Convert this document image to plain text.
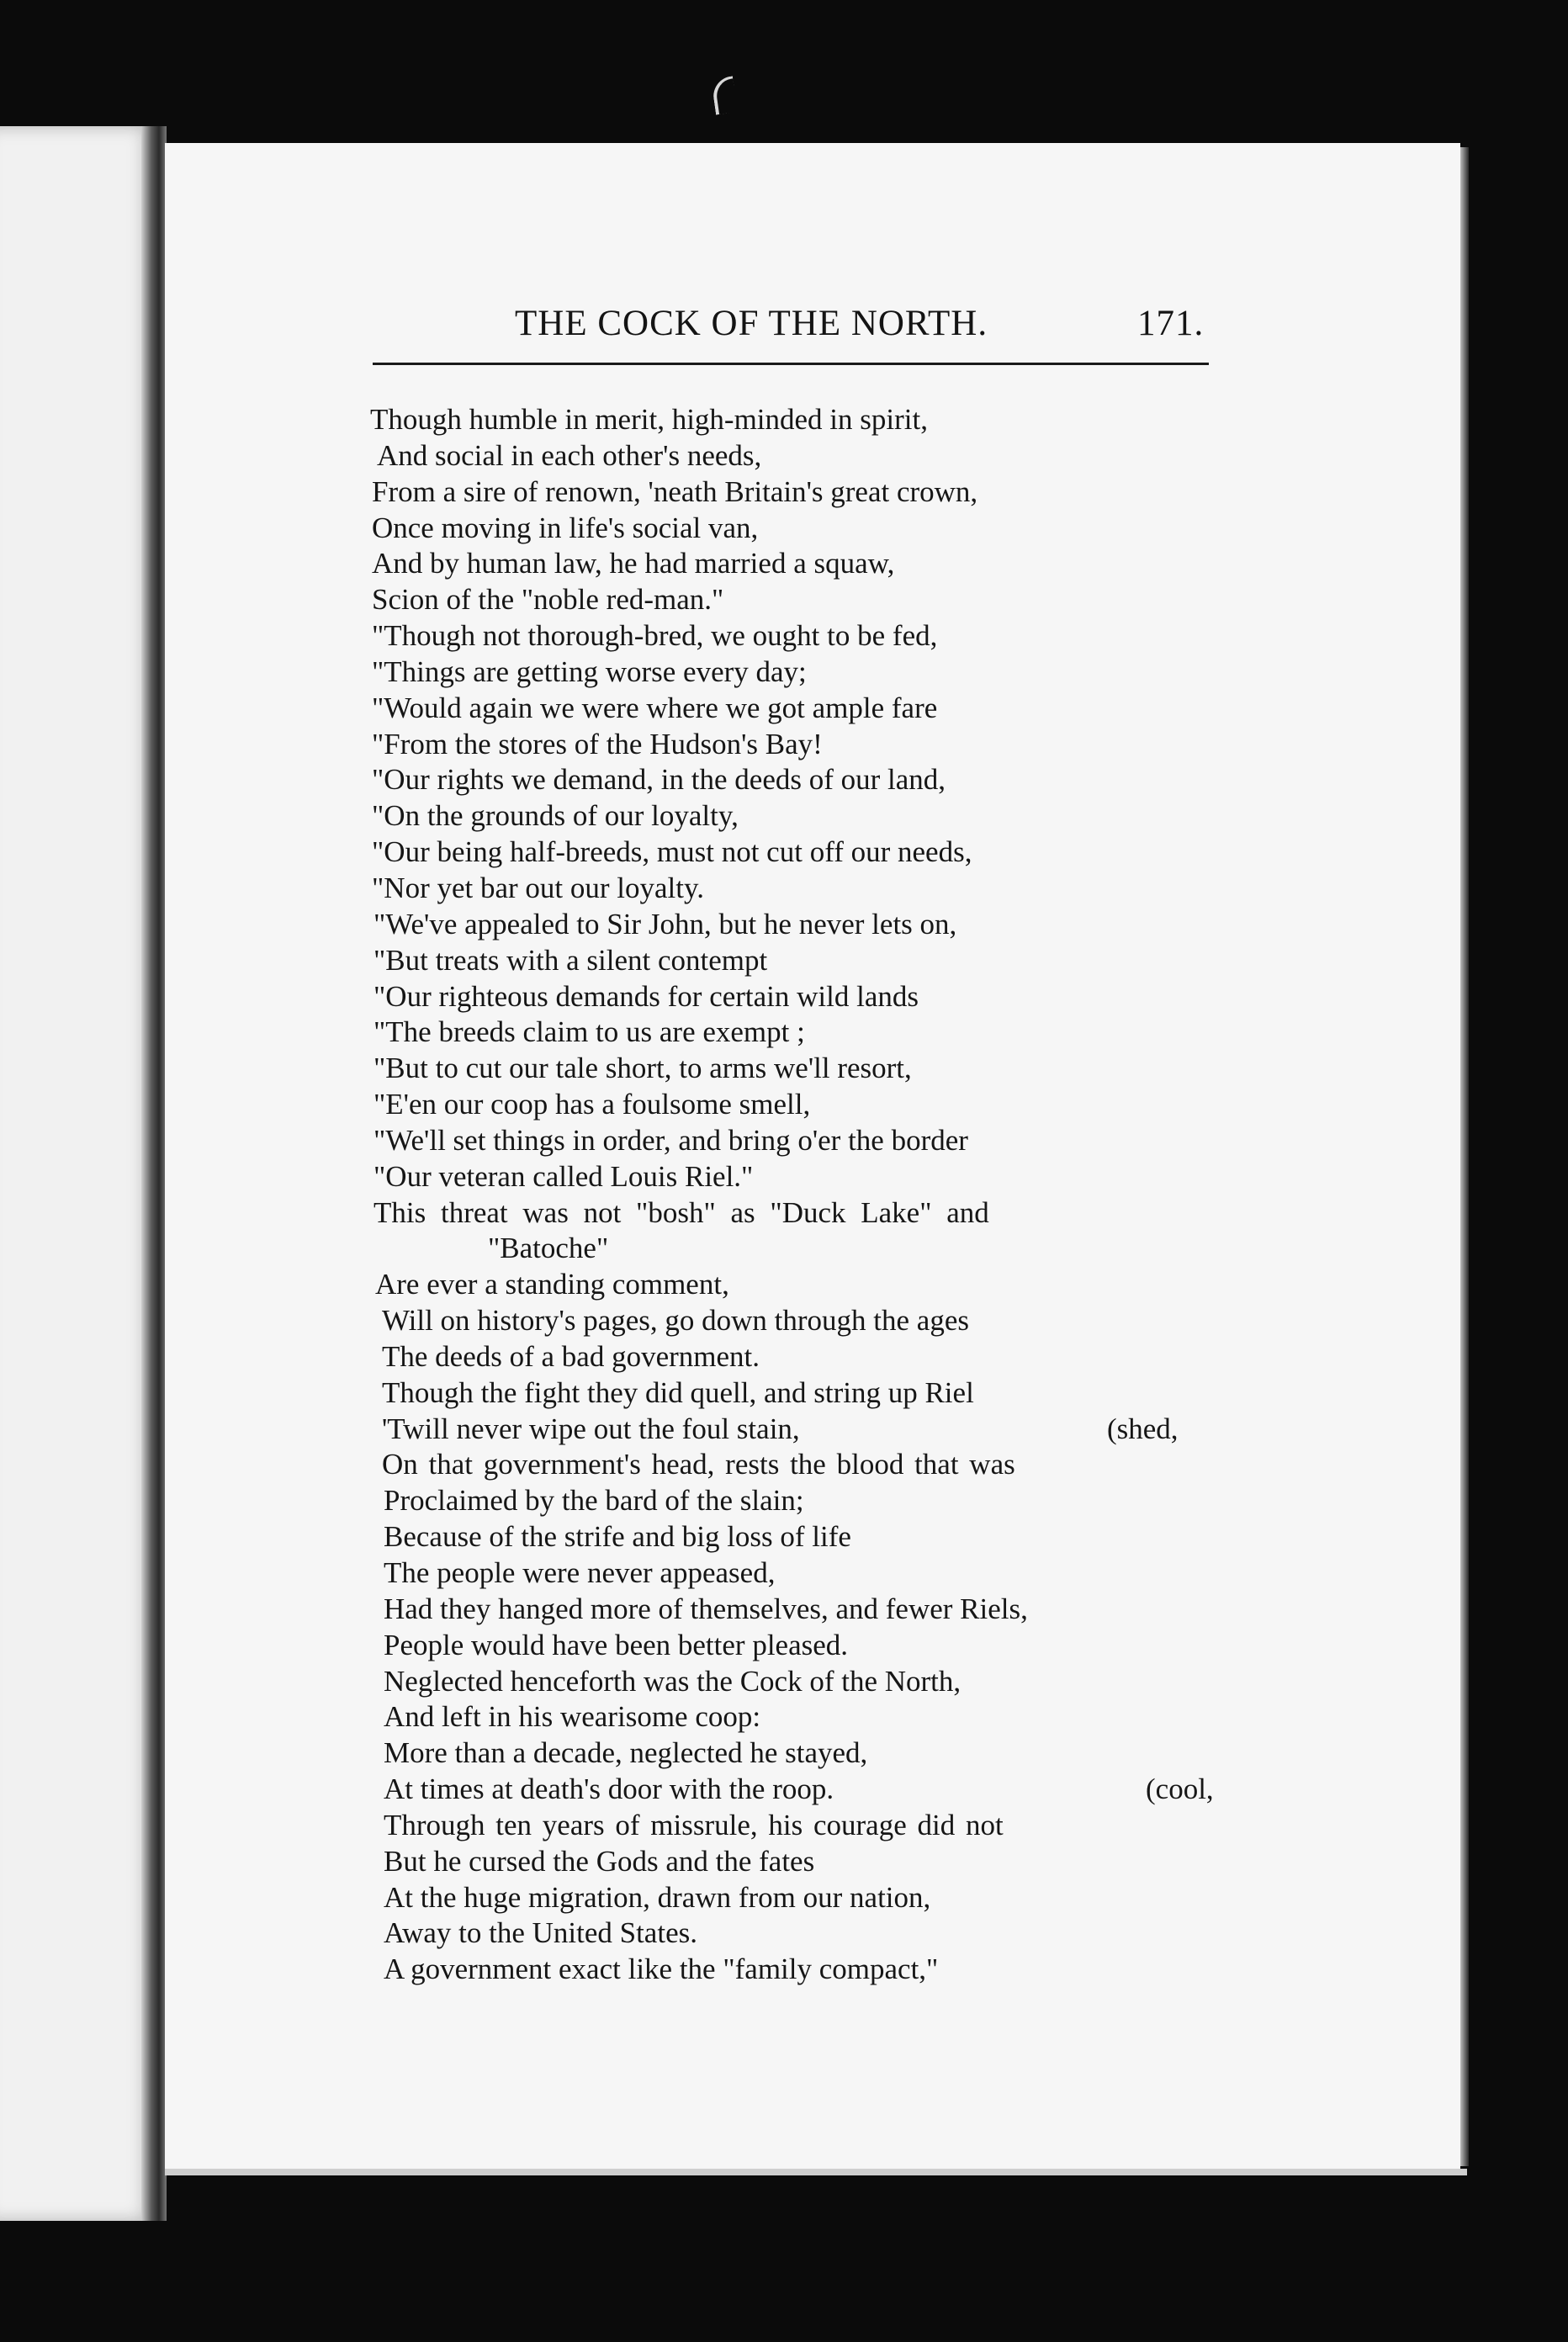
THE COCK OF THE NORTH.	171.
Though humble in merit, high-minded in spirit,
And social in each other's needs,
From a sire of renown, 'neath Britain's great crown,
Once moving in life's social van,
And by human law, he had married a squaw,
Scion of the "noble red-man."
"Though not thorough-bred, we ought to be fed,
"Things are getting worse every day;
"Would again we were where we got ample fare
"From the stores of the Hudson's Bay!
"Our rights we demand, in the deeds of our land,
"On the grounds of our loyalty,
"Our being half-breeds, must not cut off our needs,
"Nor yet bar out our loyalty.
"We've appealed to Sir John, but he never lets on,
"But treats with a silent contempt
"Our righteous demands for certain wild lands
"The breeds claim to us are exempt ;
"But to cut our tale short, to arms we'll resort,
"E'en our coop has a foulsome smell,
"We'll set things in order, and bring o'er the border
"Our veteran called Louis Riel."
This threat was not "bosh" as "Duck Lake" and
"Batoche"
Are ever a standing comment,
Will on history's pages, go down through the ages
The deeds of a bad government.
Though the fight they did quell, and string up Riel
'Twill never wipe out the foul stain,	(shed,
On that government's head, rests the blood that was
Proclaimed by the bard of the slain;
Because of the strife and big loss of life
The people were never appeased,
Had they hanged more of themselves, and fewer Riels,
People would have been better pleased.
Neglected henceforth was the Cock of the North,
And left in his wearisome coop:
More than a decade, neglected he stayed,
At times at death's door with the roop.	(cool,
Through ten years of missrule, his courage did not
But he cursed the Gods and the fates
At the huge migration, drawn from our nation,
Away to the United States.
A government exact like the "family compact,"
